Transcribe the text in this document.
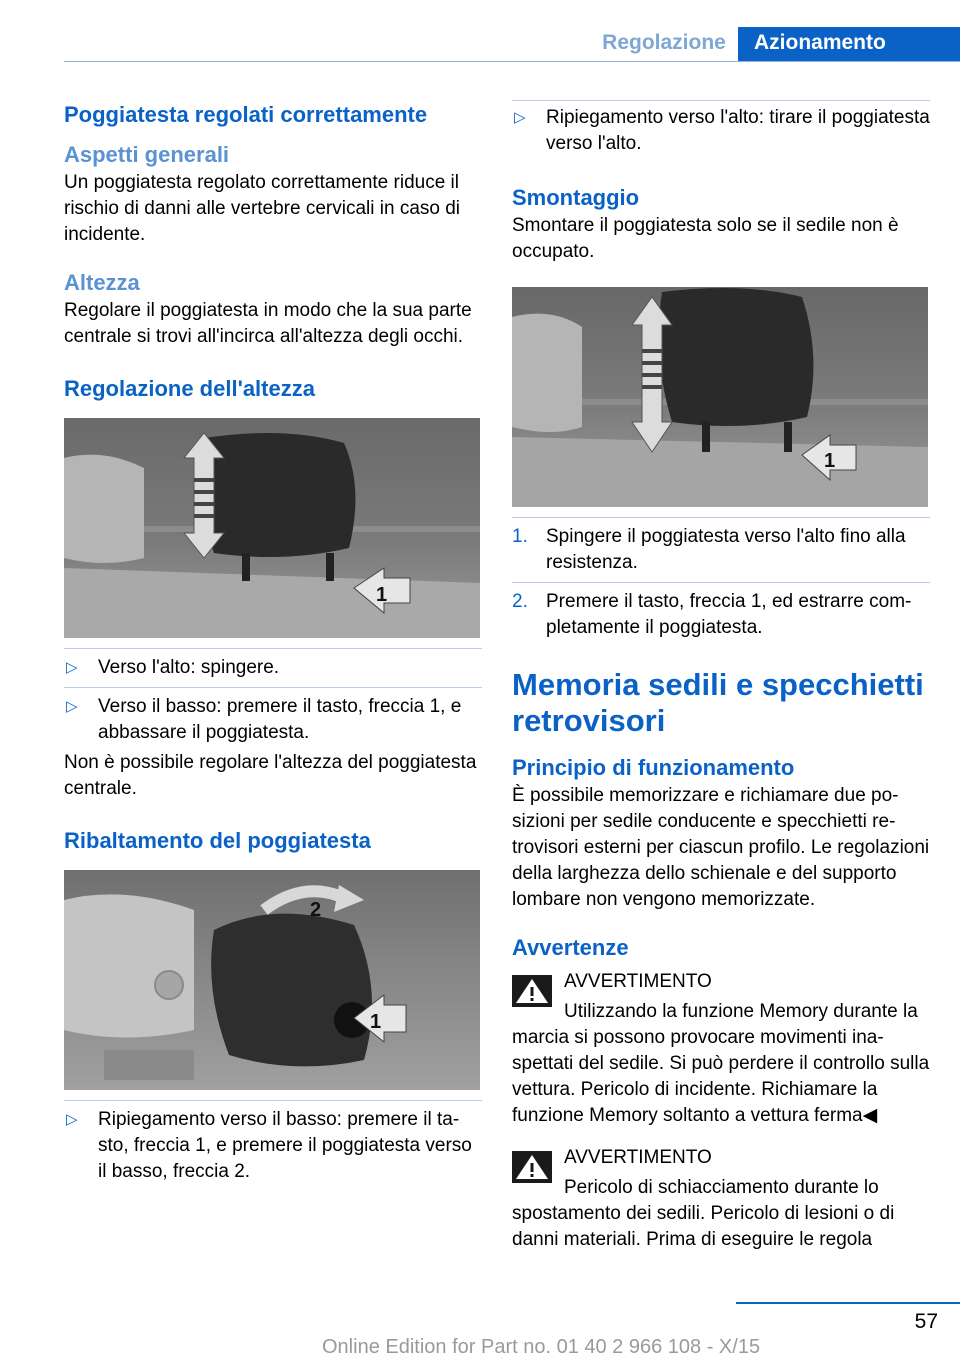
Regolazione	Azionamento
Poggiatesta regolati correttamente
Aspetti generali

Un poggiatesta regolato correttamente riduce il rischio di danni alle vertebre cervicali in caso di incidente.

Altezza

Regolare il poggiatesta in modo che la sua parte centrale si trovi all'incirca all'altezza degli occhi.

Regolazione dell'altezza
1
▷ Verso l'alto: spingere.
▷ Verso il basso: premere il tasto, freccia 1, e abbassare il poggiatesta.

Non è possibile regolare l'altezza del poggiatesta centrale.

Ribaltamento del poggiatesta
2
1
▷ Ripiegamento verso il basso: premere il tasto, freccia 1, e premere il poggiatesta verso il basso, freccia 2.
▷ Ripiegamento verso l'alto: tirare il poggiatesta verso l'alto.
Smontaggio

Smontare il poggiatesta solo se il sedile non è occupato.

1
1. Spingere il poggiatesta verso l'alto fino alla resistenza.
2. Premere il tasto, freccia 1, ed estrarre completamente il poggiatesta.
Memoria sedili e specchietti retrovisori
Principio di funzionamento

È possibile memorizzare e richiamare due posizioni per sedile conducente e specchietti retrovisori esterni per ciascun profilo. Le regolazioni della larghezza dello schienale e del supporto lombare non vengono memorizzate.

Avvertenze
AVVERTIMENTO

Utilizzando la funzione Memory durante la marcia si possono provocare movimenti inaspettati del sedile. Si può perdere il controllo sulla vettura. Pericolo di incidente. Richiamare la funzione Memory soltanto a vettura ferma◀

AVVERTIMENTO

Pericolo di schiacciamento durante lo spostamento dei sedili. Pericolo di lesioni o di danni materiali. Prima di eseguire le regola

57
Online Edition for Part no. 01 40 2 966 108 - X/15
